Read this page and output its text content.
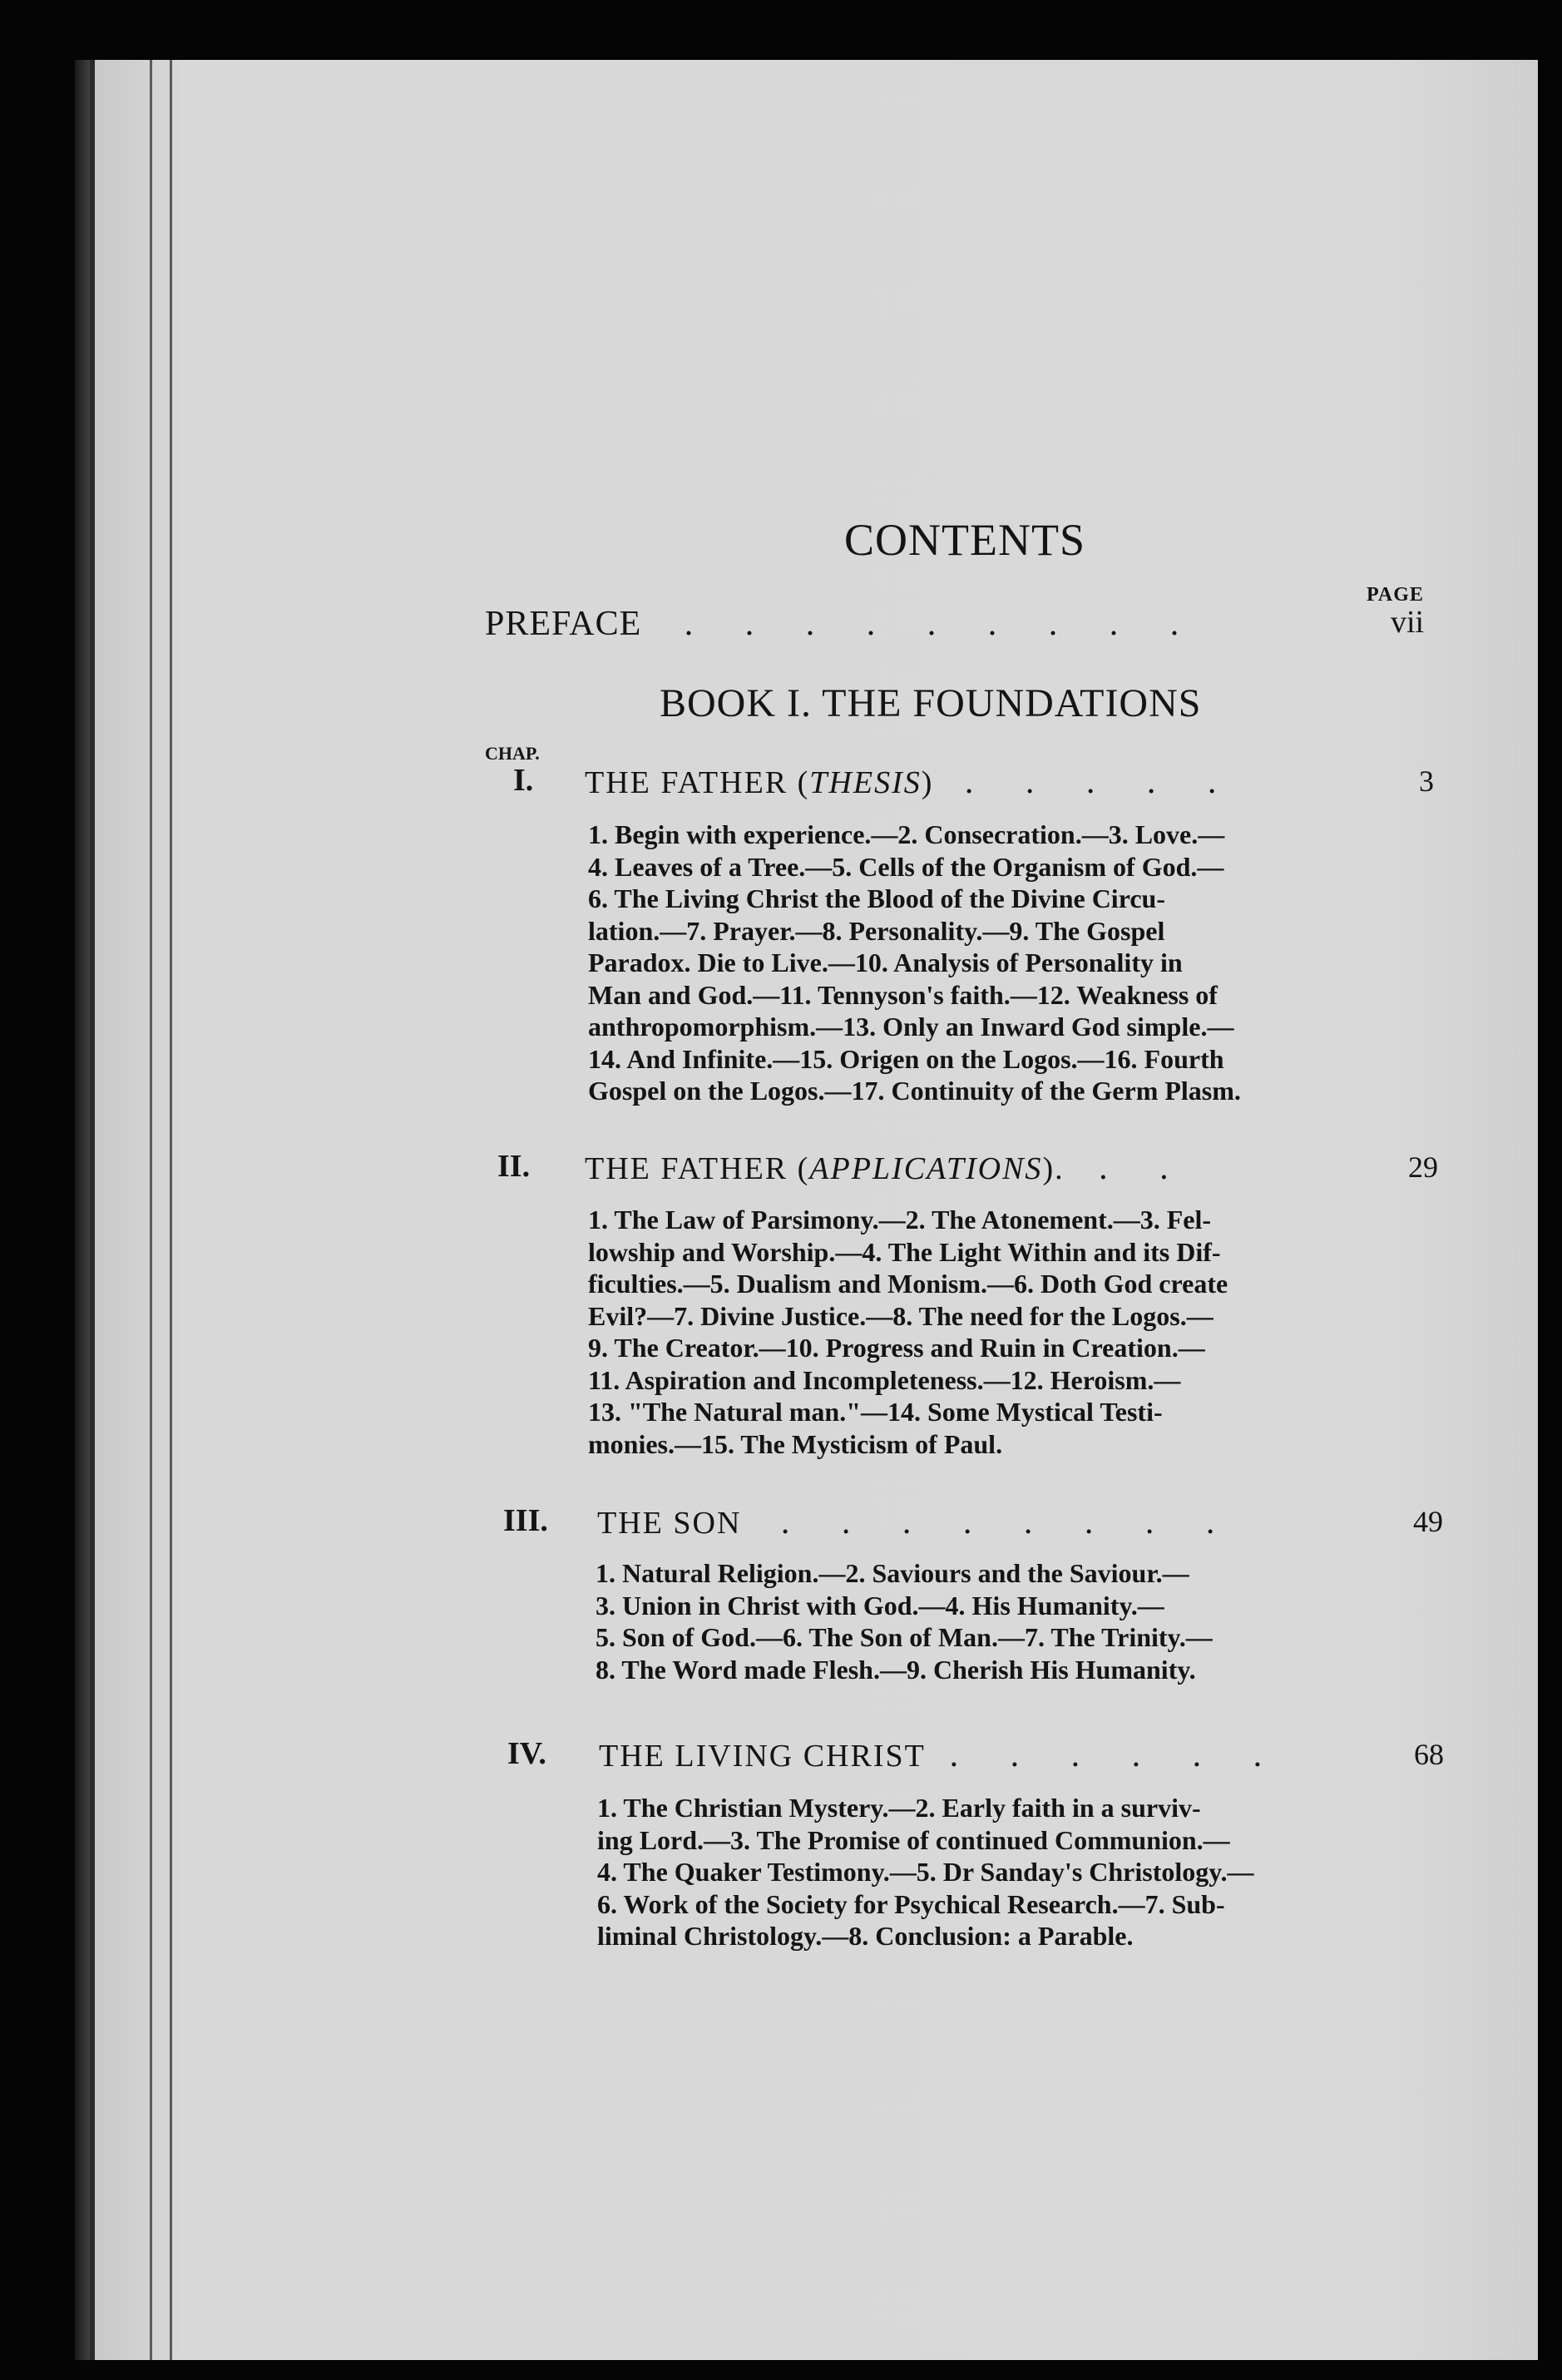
CONTENTS
PAGE
PREFACE . . . . . . . . .	vii
BOOK I. THE FOUNDATIONS
CHAP.
I. THE FATHER (THESIS) . . . . .	3
1. Begin with experience.—2. Consecration.—3. Love.—
4. Leaves of a Tree.—5. Cells of the Organism of God.—
6. The Living Christ the Blood of the Divine Circu-
lation.—7. Prayer.—8. Personality.—9. The Gospel
Paradox. Die to Live.—10. Analysis of Personality in
Man and God.—11. Tennyson's faith.—12. Weakness of
anthropomorphism.—13. Only an Inward God simple.—
14. And Infinite.—15. Origen on the Logos.—16. Fourth
Gospel on the Logos.—17. Continuity of the Germ Plasm.
II. THE FATHER (APPLICATIONS). . .	29
1. The Law of Parsimony.—2. The Atonement.—3. Fel-
lowship and Worship.—4. The Light Within and its Dif-
ficulties.—5. Dualism and Monism.—6. Doth God create
Evil?—7. Divine Justice.—8. The need for the Logos.—
9. The Creator.—10. Progress and Ruin in Creation.—
11. Aspiration and Incompleteness.—12. Heroism.—
13. "The Natural man."—14. Some Mystical Testi-
monies.—15. The Mysticism of Paul.
III. THE SON . . . . . . . .	49
1. Natural Religion.—2. Saviours and the Saviour.—
3. Union in Christ with God.—4. His Humanity.—
5. Son of God.—6. The Son of Man.—7. The Trinity.—
8. The Word made Flesh.—9. Cherish His Humanity.
IV. THE LIVING CHRIST . . . . . .	68
1. The Christian Mystery.—2. Early faith in a surviv-
ing Lord.—3. The Promise of continued Communion.—
4. The Quaker Testimony.—5. Dr Sanday's Christology.—
6. Work of the Society for Psychical Research.—7. Sub-
liminal Christology.—8. Conclusion: a Parable.
